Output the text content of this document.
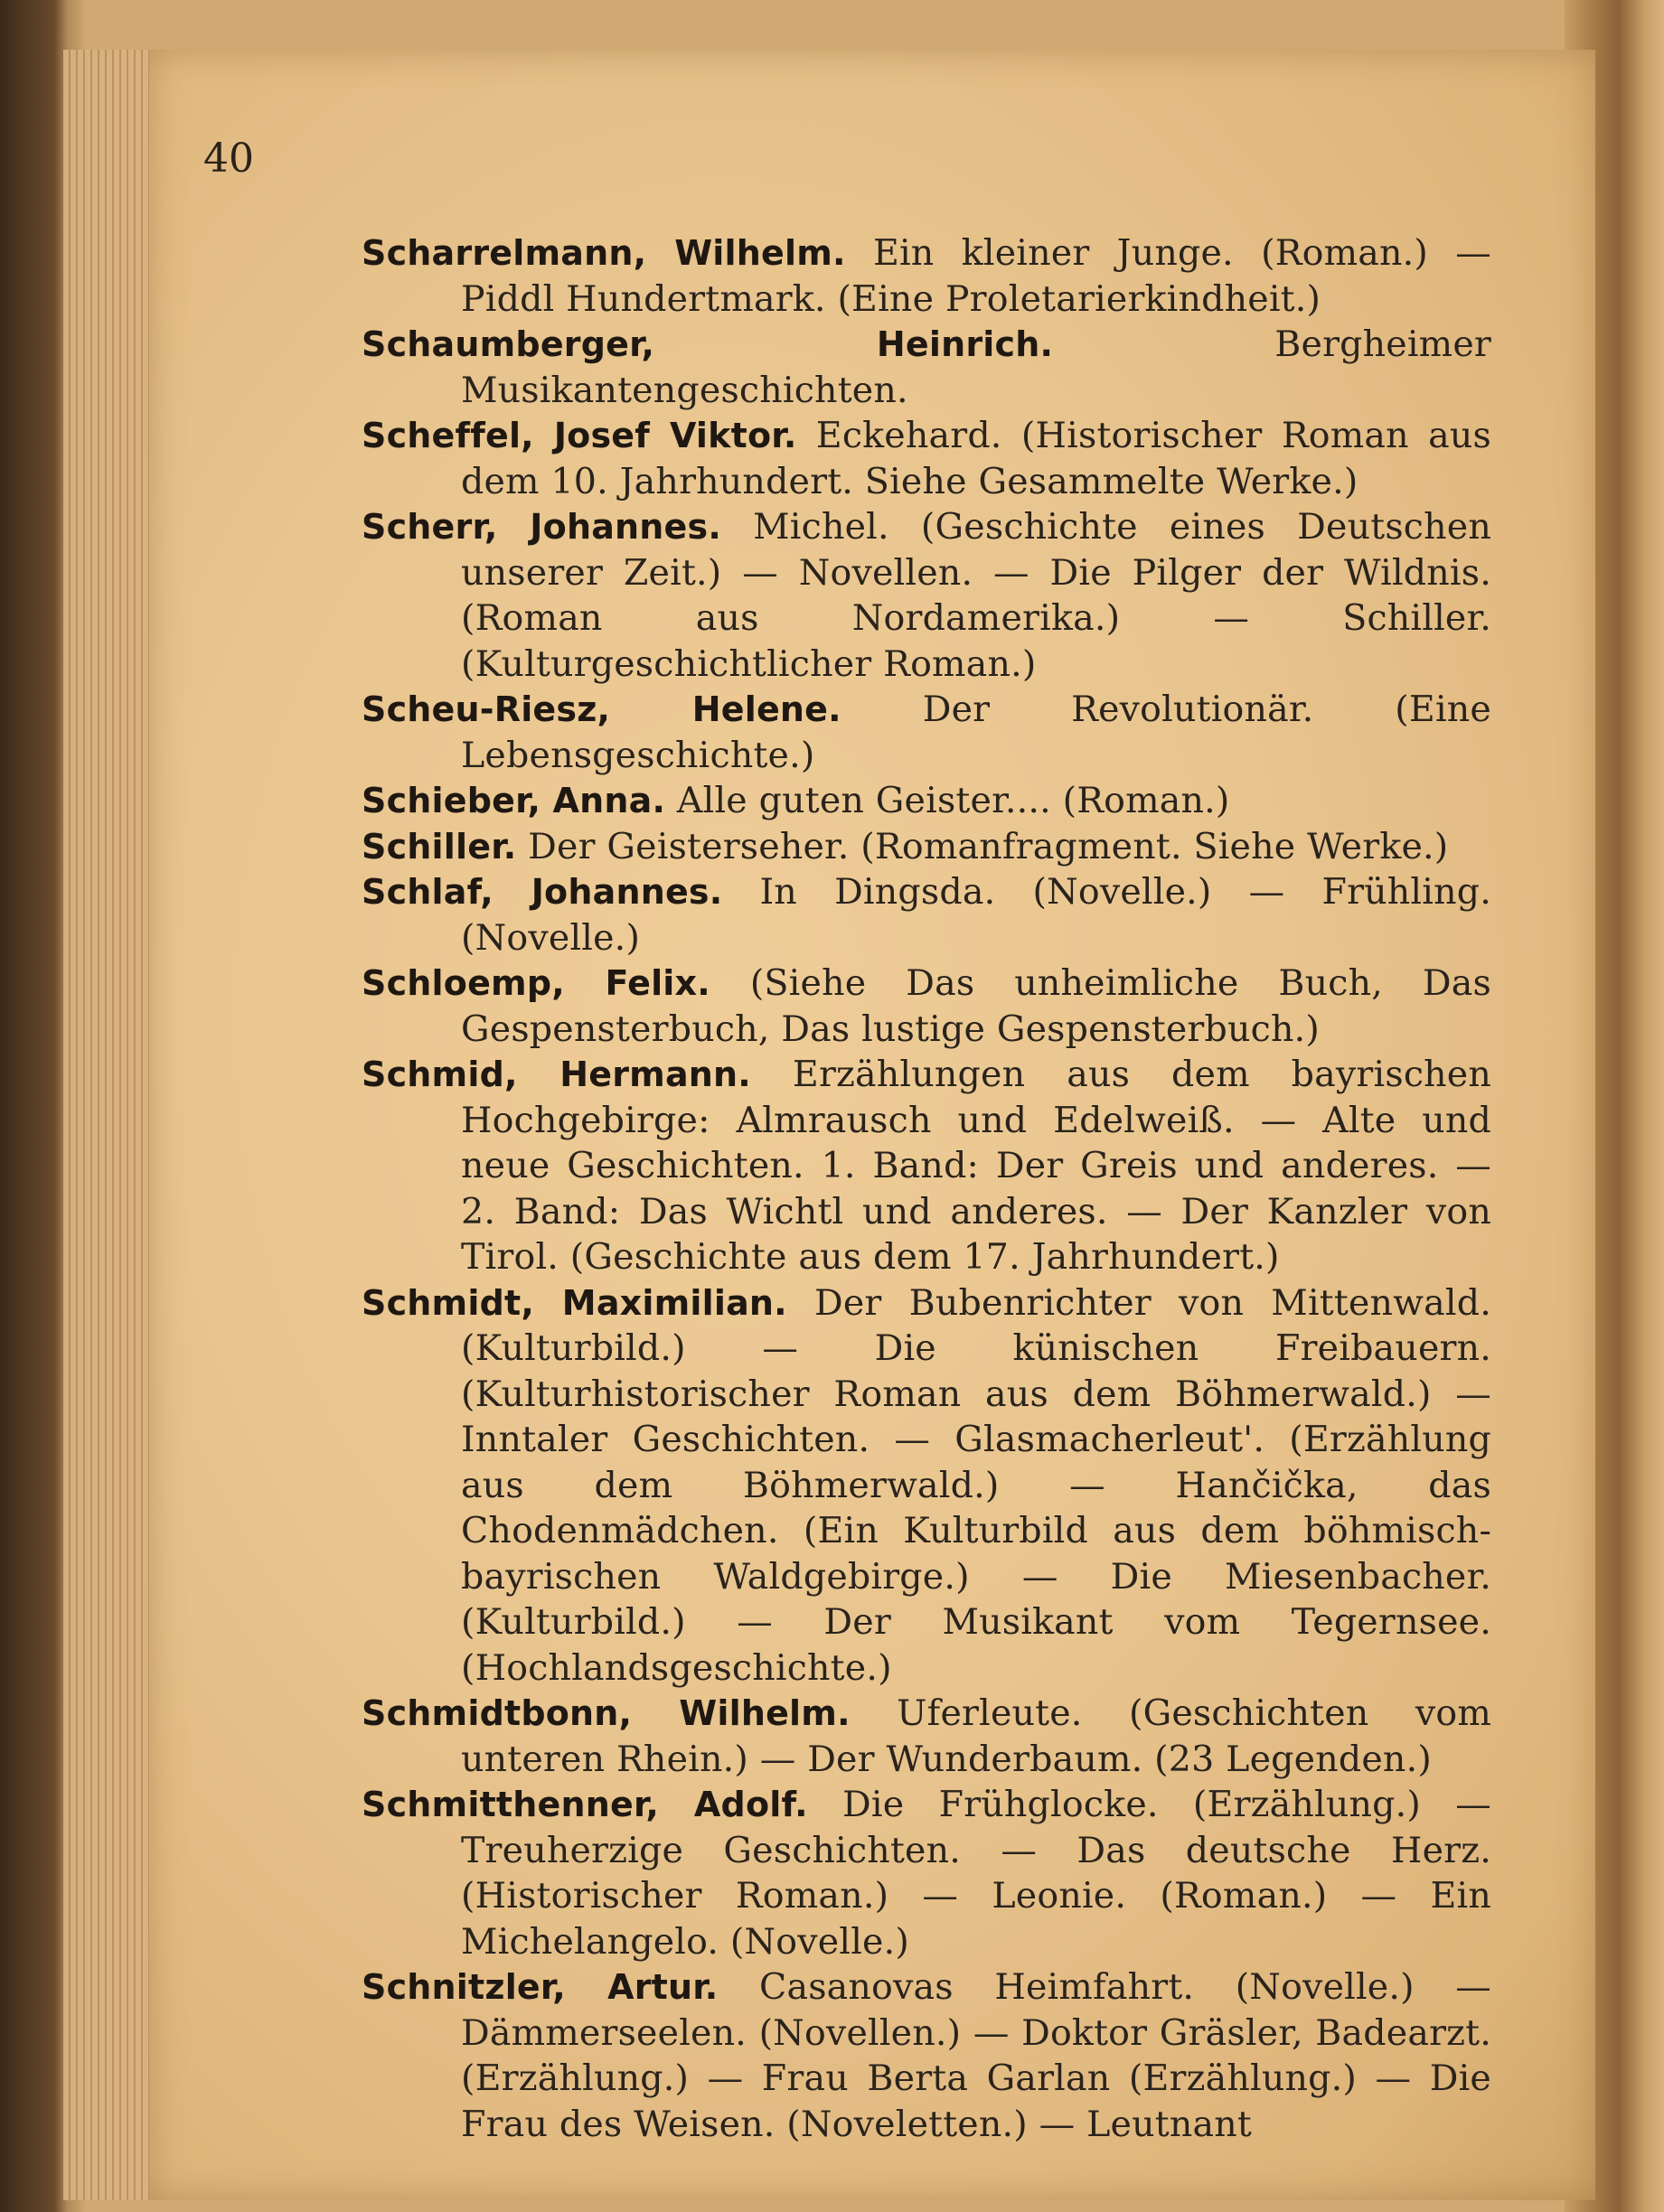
40

Scharrelmann, Wilhelm. Ein kleiner Junge. (Roman.) — Piddl Hundertmark. (Eine Proletarierkindheit.)

Schaumberger, Heinrich.	Bergheimer Musikantengeschichten.

Scheffel, Josef Viktor. Eckehard. (Historischer Roman aus dem 10. Jahrhundert. Siehe Gesammelte Werke.)

Scherr, Johannes. Michel. (Geschichte eines Deutschen unserer Zeit.) — Novellen. — Die Pilger der Wildnis. (Roman aus Nordamerika.) — Schiller. (Kulturgeschichtlicher Roman.)

Scheu-Riesz, Helene. Der Revolutionär. (Eine Lebensgeschichte.)

Schieber, Anna. Alle guten Geister.... (Roman.)

Schiller. Der Geisterseher. (Romanfragment. Siehe Werke.)

Schlaf, Johannes. In Dingsda. (Novelle.) — Frühling. (Novelle.)

Schloemp, Felix. (Siehe Das unheimliche Buch, Das Gespensterbuch, Das lustige Gespensterbuch.)

Schmid, Hermann. Erzählungen aus dem bayrischen Hochgebirge: Almrausch und Edelweiß. — Alte und neue Geschichten. 1. Band: Der Greis und anderes. — 2. Band: Das Wichtl und anderes. — Der Kanzler von Tirol. (Geschichte aus dem 17. Jahrhundert.)

Schmidt, Maximilian. Der Bubenrichter von Mittenwald. (Kulturbild.) — Die künischen Freibauern. (Kulturhistorischer Roman aus dem Böhmerwald.) — Inntaler Geschichten. — Glasmacherleut'. (Erzählung aus dem Böhmerwald.) — Hančička, das Chodenmädchen. (Ein Kulturbild aus dem böhmisch-bayrischen Waldgebirge.) — Die Miesenbacher. (Kulturbild.) — Der Musikant vom Tegernsee. (Hochlandsgeschichte.)

Schmidtbonn, Wilhelm. Uferleute. (Geschichten vom unteren Rhein.) — Der Wunderbaum. (23 Legenden.)

Schmitthenner, Adolf. Die Frühglocke. (Erzählung.) — Treuherzige Geschichten. — Das deutsche Herz. (Historischer Roman.) — Leonie. (Roman.) — Ein Michelangelo. (Novelle.)

Schnitzler, Artur. Casanovas Heimfahrt. (Novelle.) — Dämmerseelen. (Novellen.) — Doktor Gräsler, Badearzt. (Erzählung.) — Frau Berta Garlan (Erzählung.) — Die Frau des Weisen. (Noveletten.) — Leutnant
